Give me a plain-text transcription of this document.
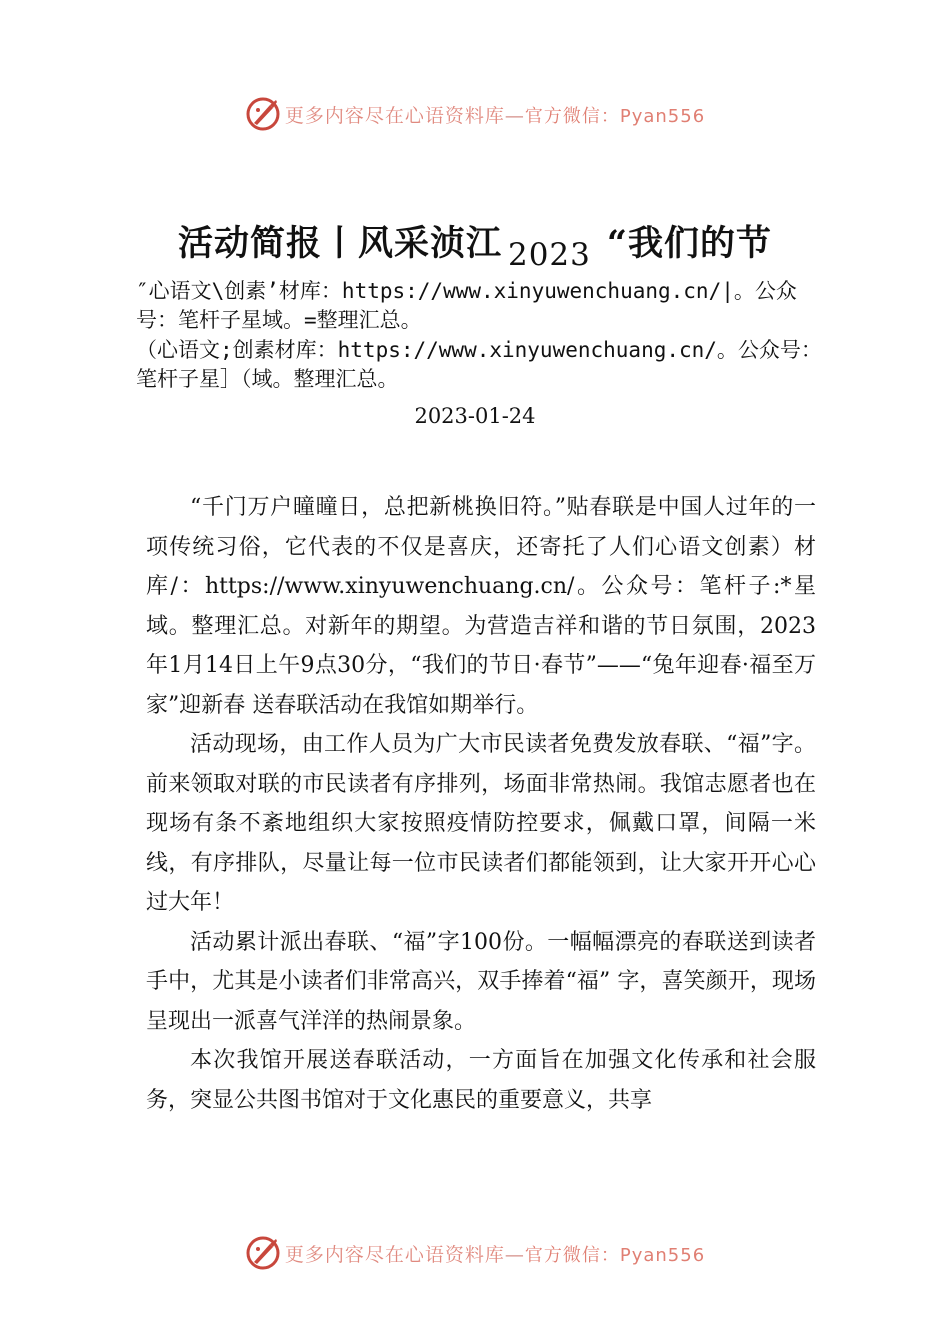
更多内容尽在心语资料库—官方微信：Pyan556
活动简报丨风采浈江 2023 “我们的节
″心语文\创素’材库：https://www.xinyuwenchuang.cn/|。公众号：笔杆子星域。=整理汇总。
（心语文;创素材库：https://www.xinyuwenchuang.cn/。公众号：笔杆子星］（域。整理汇总。
2023-01-24

“千门万户曈曈日，总把新桃换旧符。”贴春联是中国人过年的一项传统习俗，它代表的不仅是喜庆，还寄托了人们心语文创素）材库/：https://www.xinyuwenchuang.cn/。公众号：笔杆子:*星域。整理汇总。对新年的期望。为营造吉祥和谐的节日氛围，2023年1月14日上午9点30分，“我们的节日·春节”——“兔年迎春·福至万家”迎新春 送春联活动在我馆如期举行。

活动现场，由工作人员为广大市民读者免费发放春联、“福”字。前来领取对联的市民读者有序排列，场面非常热闹。我馆志愿者也在现场有条不紊地组织大家按照疫情防控要求，佩戴口罩，间隔一米线，有序排队，尽量让每一位市民读者们都能领到，让大家开开心心过大年！

活动累计派出春联、“福”字100份。一幅幅漂亮的春联送到读者手中，尤其是小读者们非常高兴，双手捧着“福” 字，喜笑颜开，现场呈现出一派喜气洋洋的热闹景象。

本次我馆开展送春联活动，一方面旨在加强文化传承和社会服务，突显公共图书馆对于文化惠民的重要意义，共享

更多内容尽在心语资料库—官方微信：Pyan556
